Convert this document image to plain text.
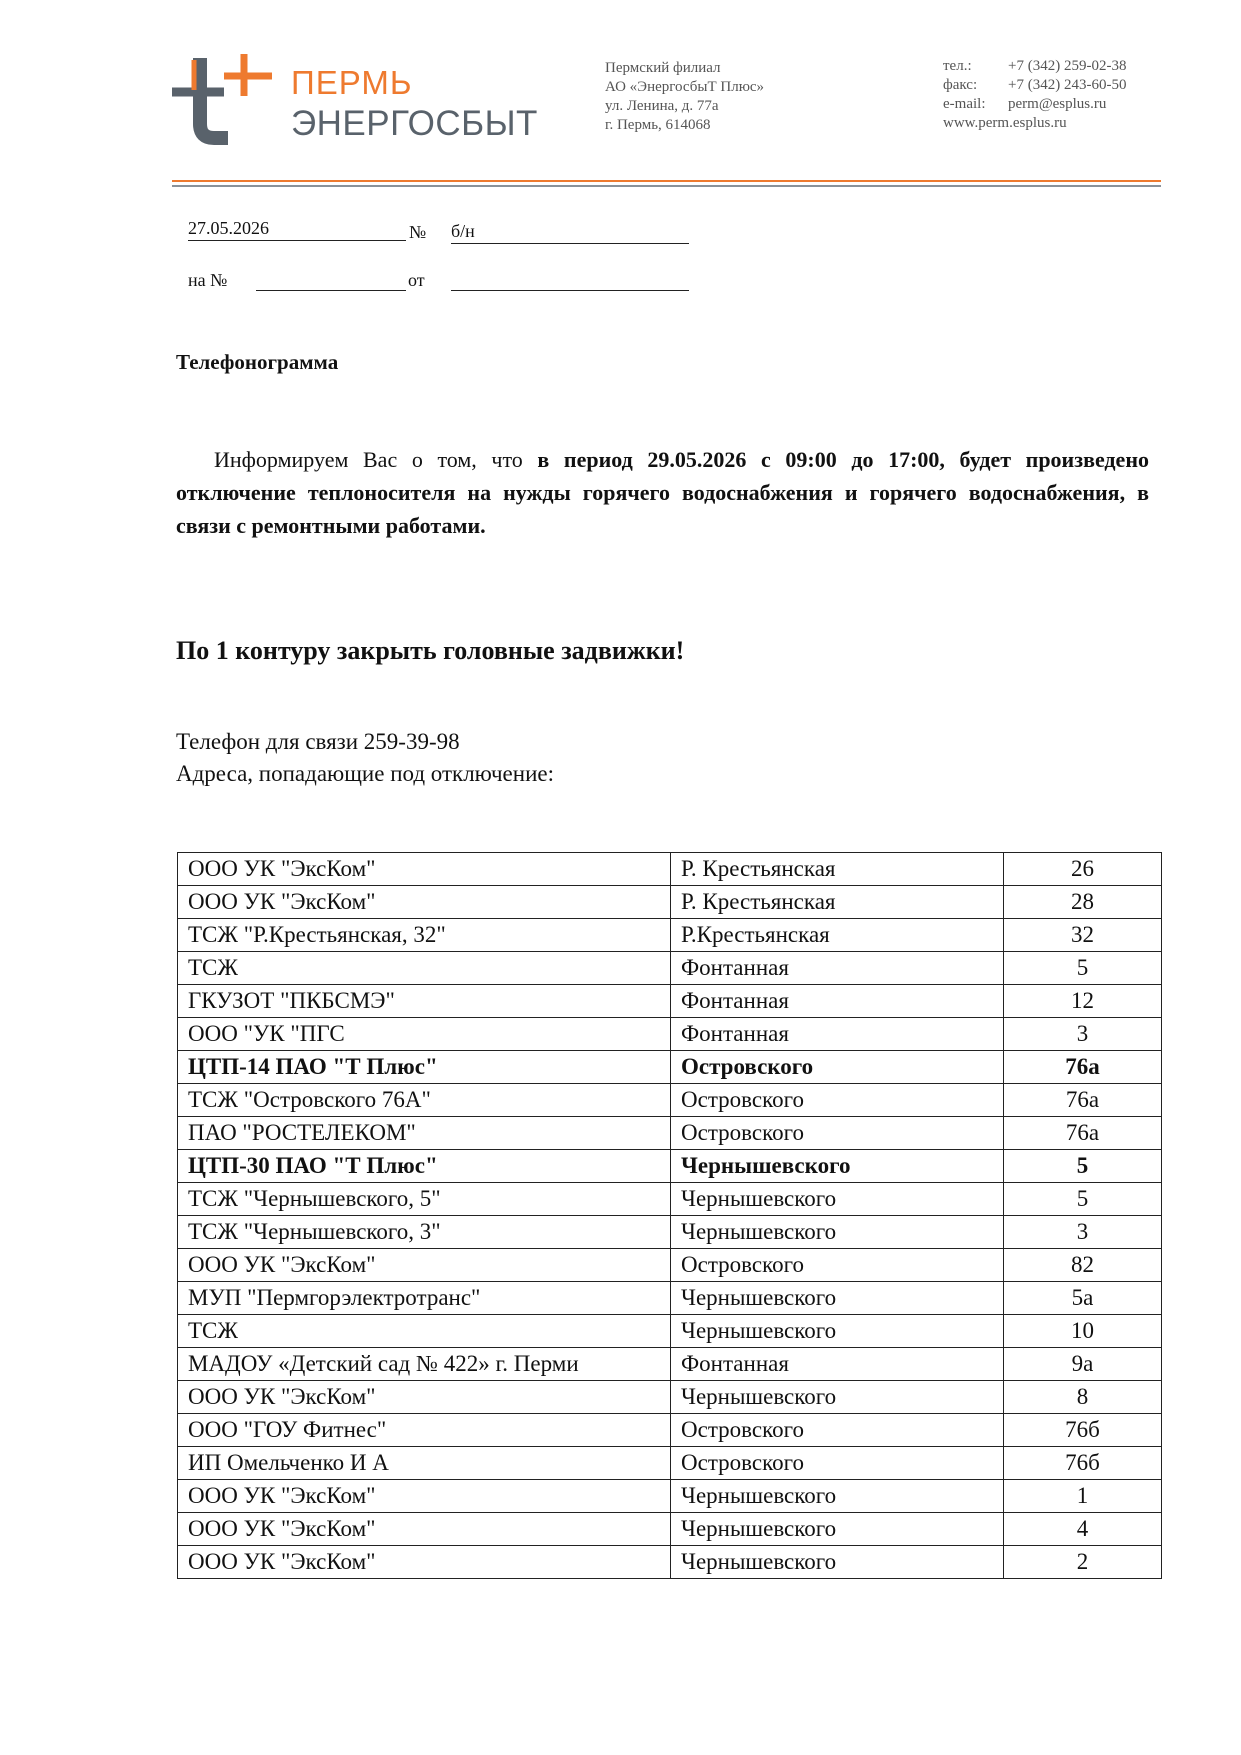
ПЕРМЬ
ЭНЕРГОСБЫТ
Пермский филиал
АО «ЭнергосбыТ Плюс»
ул. Ленина, д. 77а
г. Пермь, 614068
тел.:	+7 (342) 259-02-38
факс:	+7 (342) 243-60-50
e-mail:	perm@esplus.ru
www.perm.esplus.ru
27.05.2026	№ б/н
на №	от
Телефонограмма
Информируем Вас о том, что в период 29.05.2026 с 09:00 до 17:00, будет произведено отключение теплоносителя на нужды горячего водоснабжения и горячего водоснабжения, в связи с ремонтными работами.
По 1 контуру закрыть головные задвижки!
Телефон для связи 259-39-98
Адреса, попадающие под отключение:
ООО УК "ЭксКом"	Р. Крестьянская	26
ООО УК "ЭксКом"	Р. Крестьянская	28
ТСЖ "Р.Крестьянская, 32"	Р.Крестьянская	32
ТСЖ	Фонтанная	5
ГКУЗОТ "ПКБСМЭ"	Фонтанная	12
ООО "УК "ПГС	Фонтанная	3
ЦТП-14 ПАО "Т Плюс"	Островского	76а
ТСЖ "Островского 76А"	Островского	76а
ПАО "РОСТЕЛЕКОМ"	Островского	76а
ЦТП-30 ПАО "Т Плюс"	Чернышевского	5
ТСЖ "Чернышевского, 5"	Чернышевского	5
ТСЖ "Чернышевского, 3"	Чернышевского	3
ООО УК "ЭксКом"	Островского	82
МУП "Пермгорэлектротранс"	Чернышевского	5а
ТСЖ	Чернышевского	10
МАДОУ «Детский сад № 422» г. Перми	Фонтанная	9а
ООО УК "ЭксКом"	Чернышевского	8
ООО "ГОУ Фитнес"	Островского	76б
ИП Омельченко И А	Островского	76б
ООО УК "ЭксКом"	Чернышевского	1
ООО УК "ЭксКом"	Чернышевского	4
ООО УК "ЭксКом"	Чернышевского	2
